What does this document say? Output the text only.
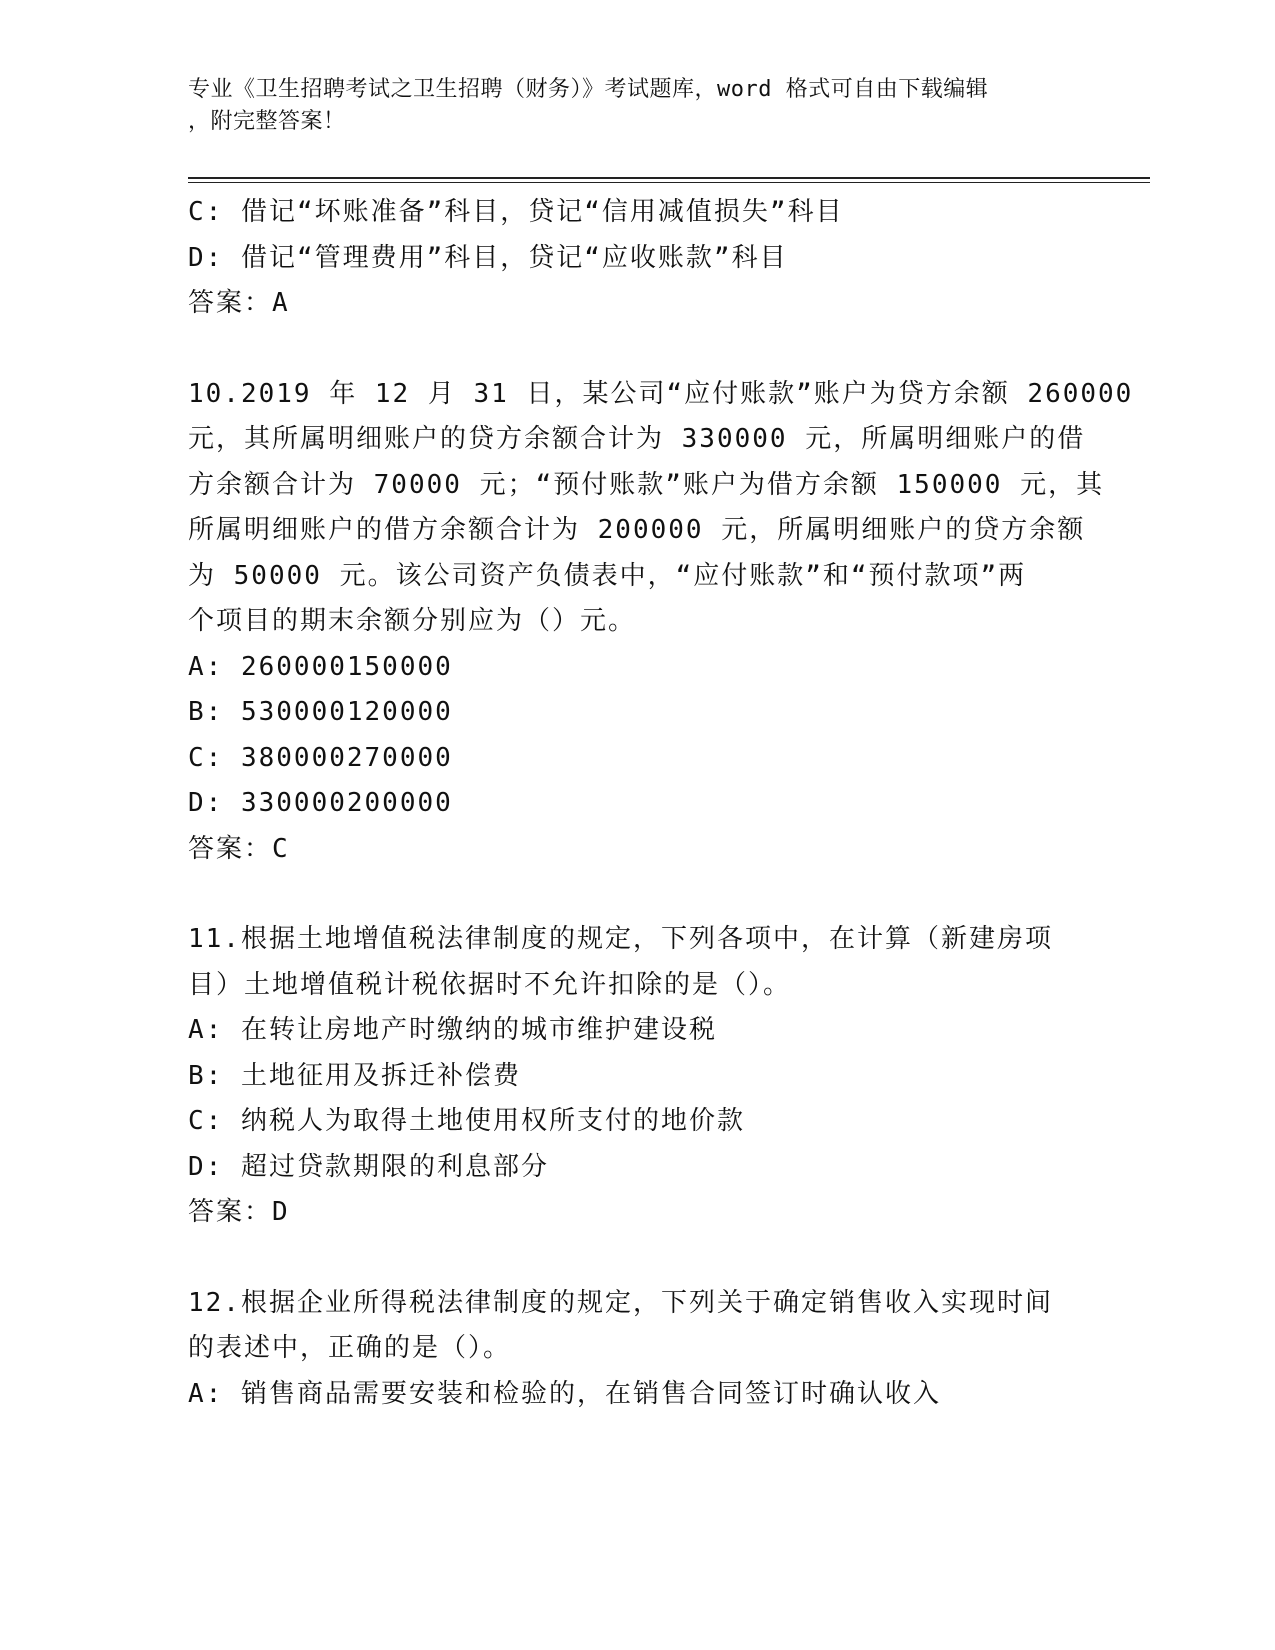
专业《卫生招聘考试之卫生招聘（财务）》考试题库，word 格式可自由下载编辑
，附完整答案！
C: 借记“坏账准备”科目，贷记“信用减值损失”科目
D: 借记“管理费用”科目，贷记“应收账款”科目
答案：A
10.2019 年 12 月 31 日，某公司“应付账款”账户为贷方余额 260000
元，其所属明细账户的贷方余额合计为 330000 元，所属明细账户的借
方余额合计为 70000 元；“预付账款”账户为借方余额 150000 元，其
所属明细账户的借方余额合计为 200000 元，所属明细账户的贷方余额
为 50000 元。该公司资产负债表中，“应付账款”和“预付款项”两
个项目的期末余额分别应为（）元。
A: 260000150000
B: 530000120000
C: 380000270000
D: 330000200000
答案：C
11.根据土地增值税法律制度的规定，下列各项中，在计算（新建房项
目）土地增值税计税依据时不允许扣除的是（）。
A: 在转让房地产时缴纳的城市维护建设税
B: 土地征用及拆迁补偿费
C: 纳税人为取得土地使用权所支付的地价款
D: 超过贷款期限的利息部分
答案：D
12.根据企业所得税法律制度的规定，下列关于确定销售收入实现时间
的表述中，正确的是（）。
A: 销售商品需要安装和检验的，在销售合同签订时确认收入
